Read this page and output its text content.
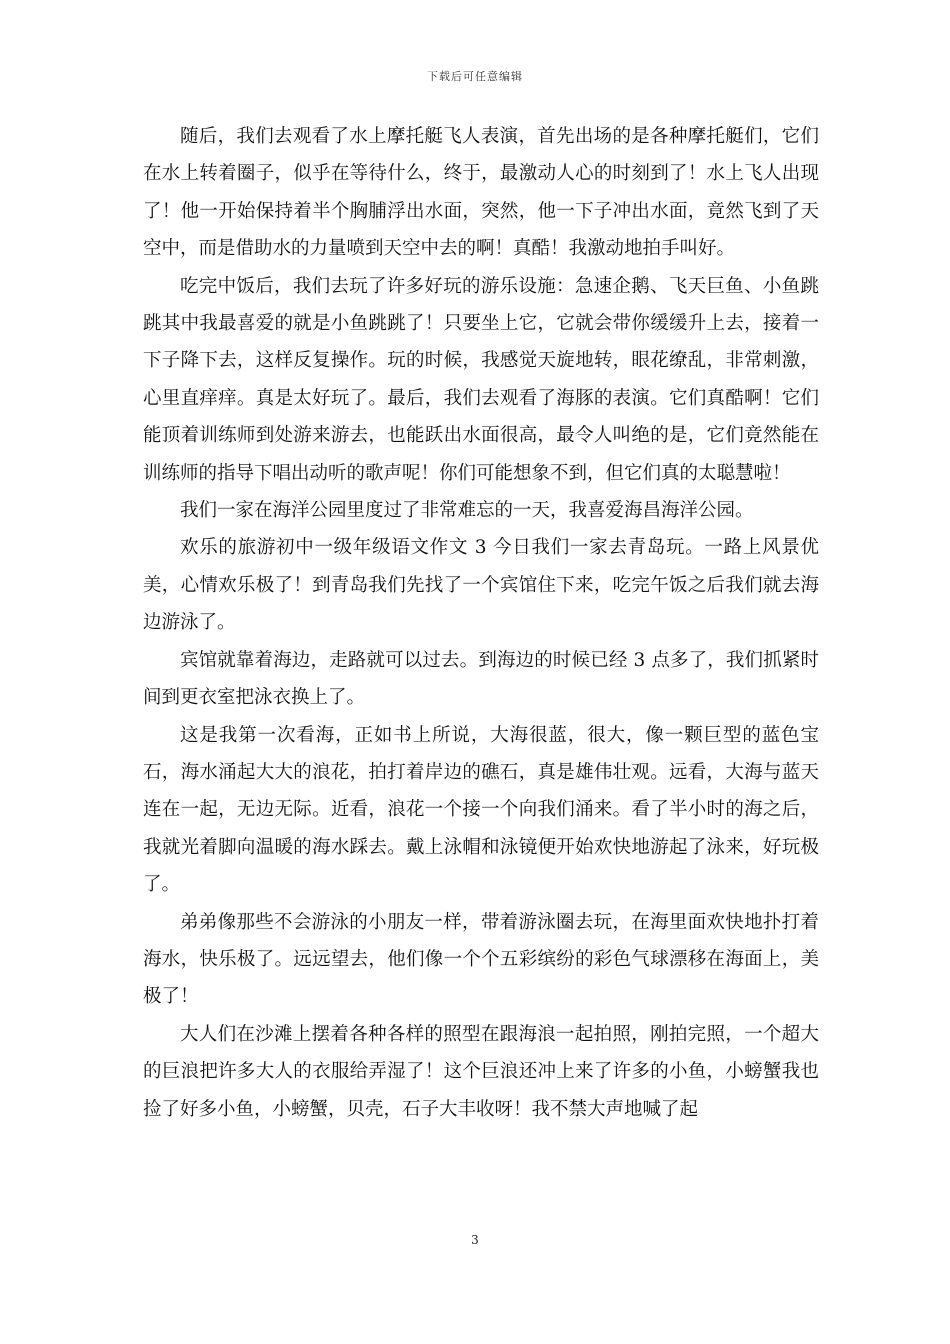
下载后可任意编辑

随后，我们去观看了水上摩托艇飞人表演，首先出场的是各种摩托艇们，它们在水上转着圈子，似乎在等待什么，终于，最激动人心的时刻到了！水上飞人出现了！他一开始保持着半个胸脯浮出水面，突然，他一下子冲出水面，竟然飞到了天空中，而是借助水的力量喷到天空中去的啊！真酷！我激动地拍手叫好。

吃完中饭后，我们去玩了许多好玩的游乐设施：急速企鹅、飞天巨鱼、小鱼跳跳其中我最喜爱的就是小鱼跳跳了！只要坐上它，它就会带你缓缓升上去，接着一下子降下去，这样反复操作。玩的时候，我感觉天旋地转，眼花缭乱，非常刺激，心里直痒痒。真是太好玩了。最后，我们去观看了海豚的表演。它们真酷啊！它们能顶着训练师到处游来游去，也能跃出水面很高，最令人叫绝的是，它们竟然能在训练师的指导下唱出动听的歌声呢！你们可能想象不到，但它们真的太聪慧啦！

我们一家在海洋公园里度过了非常难忘的一天，我喜爱海昌海洋公园。

欢乐的旅游初中一级年级语文作文 3 今日我们一家去青岛玩。一路上风景优美，心情欢乐极了！到青岛我们先找了一个宾馆住下来，吃完午饭之后我们就去海边游泳了。

宾馆就靠着海边，走路就可以过去。到海边的时候已经 3 点多了，我们抓紧时间到更衣室把泳衣换上了。

这是我第一次看海，正如书上所说，大海很蓝，很大，像一颗巨型的蓝色宝石，海水涌起大大的浪花，拍打着岸边的礁石，真是雄伟壮观。远看，大海与蓝天连在一起，无边无际。近看，浪花一个接一个向我们涌来。看了半小时的海之后，我就光着脚向温暖的海水踩去。戴上泳帽和泳镜便开始欢快地游起了泳来，好玩极了。

弟弟像那些不会游泳的小朋友一样，带着游泳圈去玩，在海里面欢快地扑打着海水，快乐极了。远远望去，他们像一个个五彩缤纷的彩色气球漂移在海面上，美极了！

大人们在沙滩上摆着各种各样的照型在跟海浪一起拍照，刚拍完照，一个超大的巨浪把许多大人的衣服给弄湿了！这个巨浪还冲上来了许多的小鱼，小螃蟹我也捡了好多小鱼，小螃蟹，贝壳，石子大丰收呀！我不禁大声地喊了起

3
